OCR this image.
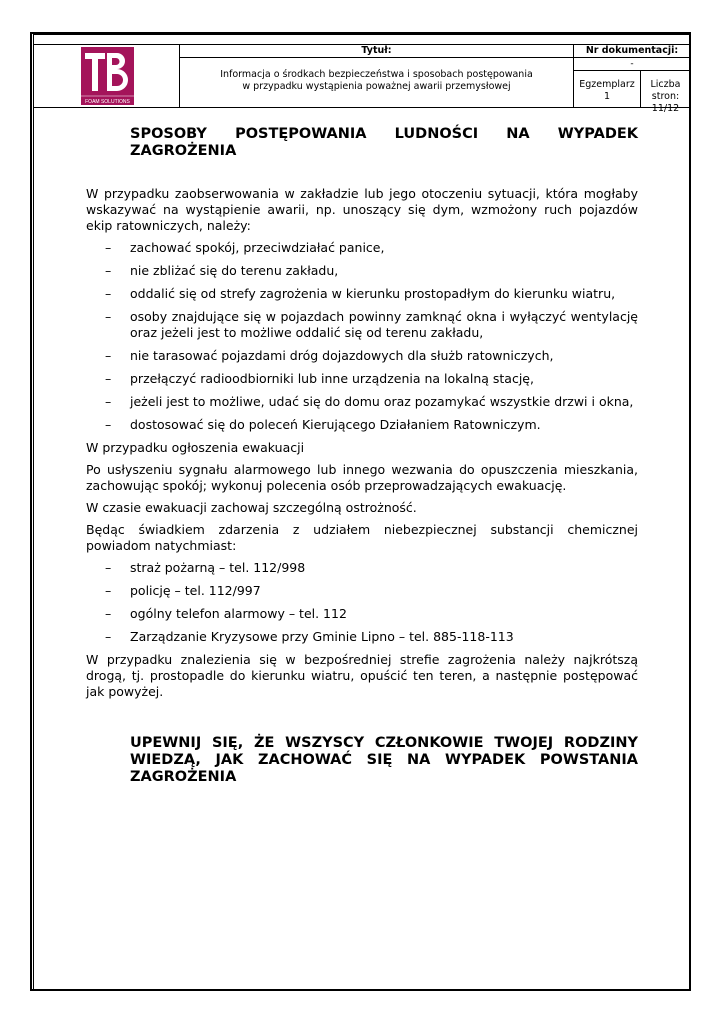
FOAM SOLUTIONS
Tytuł:
Informacja o środkach bezpieczeństwa i sposobach postępowania
w przypadku wystąpienia poważnej awarii przemysłowej
Nr dokumentacji:
-
Egzemplarz
1
Liczba stron:
11/12
SPOSOBY POSTĘPOWANIA LUDNOŚCI NA WYPADEK ZAGROŻENIA

W przypadku zaobserwowania w zakładzie lub jego otoczeniu sytuacji, która mogłaby wskazywać na wystąpienie awarii, np. unoszący się dym, wzmożony ruch pojazdów ekip ratowniczych, należy:

– zachować spokój, przeciwdziałać panice,
– nie zbliżać się do terenu zakładu,
– oddalić się od strefy zagrożenia w kierunku prostopadłym do kierunku wiatru,
– osoby znajdujące się w pojazdach powinny zamknąć okna i wyłączyć wentylację oraz jeżeli jest to możliwe oddalić się od terenu zakładu,
– nie tarasować pojazdami dróg dojazdowych dla służb ratowniczych,
– przełączyć radioodbiorniki lub inne urządzenia na lokalną stację,
– jeżeli jest to możliwe, udać się do domu oraz pozamykać wszystkie drzwi i okna,
– dostosować się do poleceń Kierującego Działaniem Ratowniczym.

W przypadku ogłoszenia ewakuacji

Po usłyszeniu sygnału alarmowego lub innego wezwania do opuszczenia mieszkania, zachowując spokój; wykonuj polecenia osób przeprowadzających ewakuację.

W czasie ewakuacji zachowaj szczególną ostrożność.

Będąc świadkiem zdarzenia z udziałem niebezpiecznej substancji chemicznej powiadom natychmiast:

– straż pożarną – tel. 112/998
– policję – tel. 112/997
– ogólny telefon alarmowy – tel. 112
– Zarządzanie Kryzysowe przy Gminie Lipno – tel. 885-118-113

W przypadku znalezienia się w bezpośredniej strefie zagrożenia należy najkrótszą drogą, tj. prostopadle do kierunku wiatru, opuścić ten teren, a następnie postępować jak powyżej.

UPEWNIJ SIĘ, ŻE WSZYSCY CZŁONKOWIE TWOJEJ RODZINY WIEDZĄ, JAK ZACHOWAĆ SIĘ NA WYPADEK POWSTANIA ZAGROŻENIA
